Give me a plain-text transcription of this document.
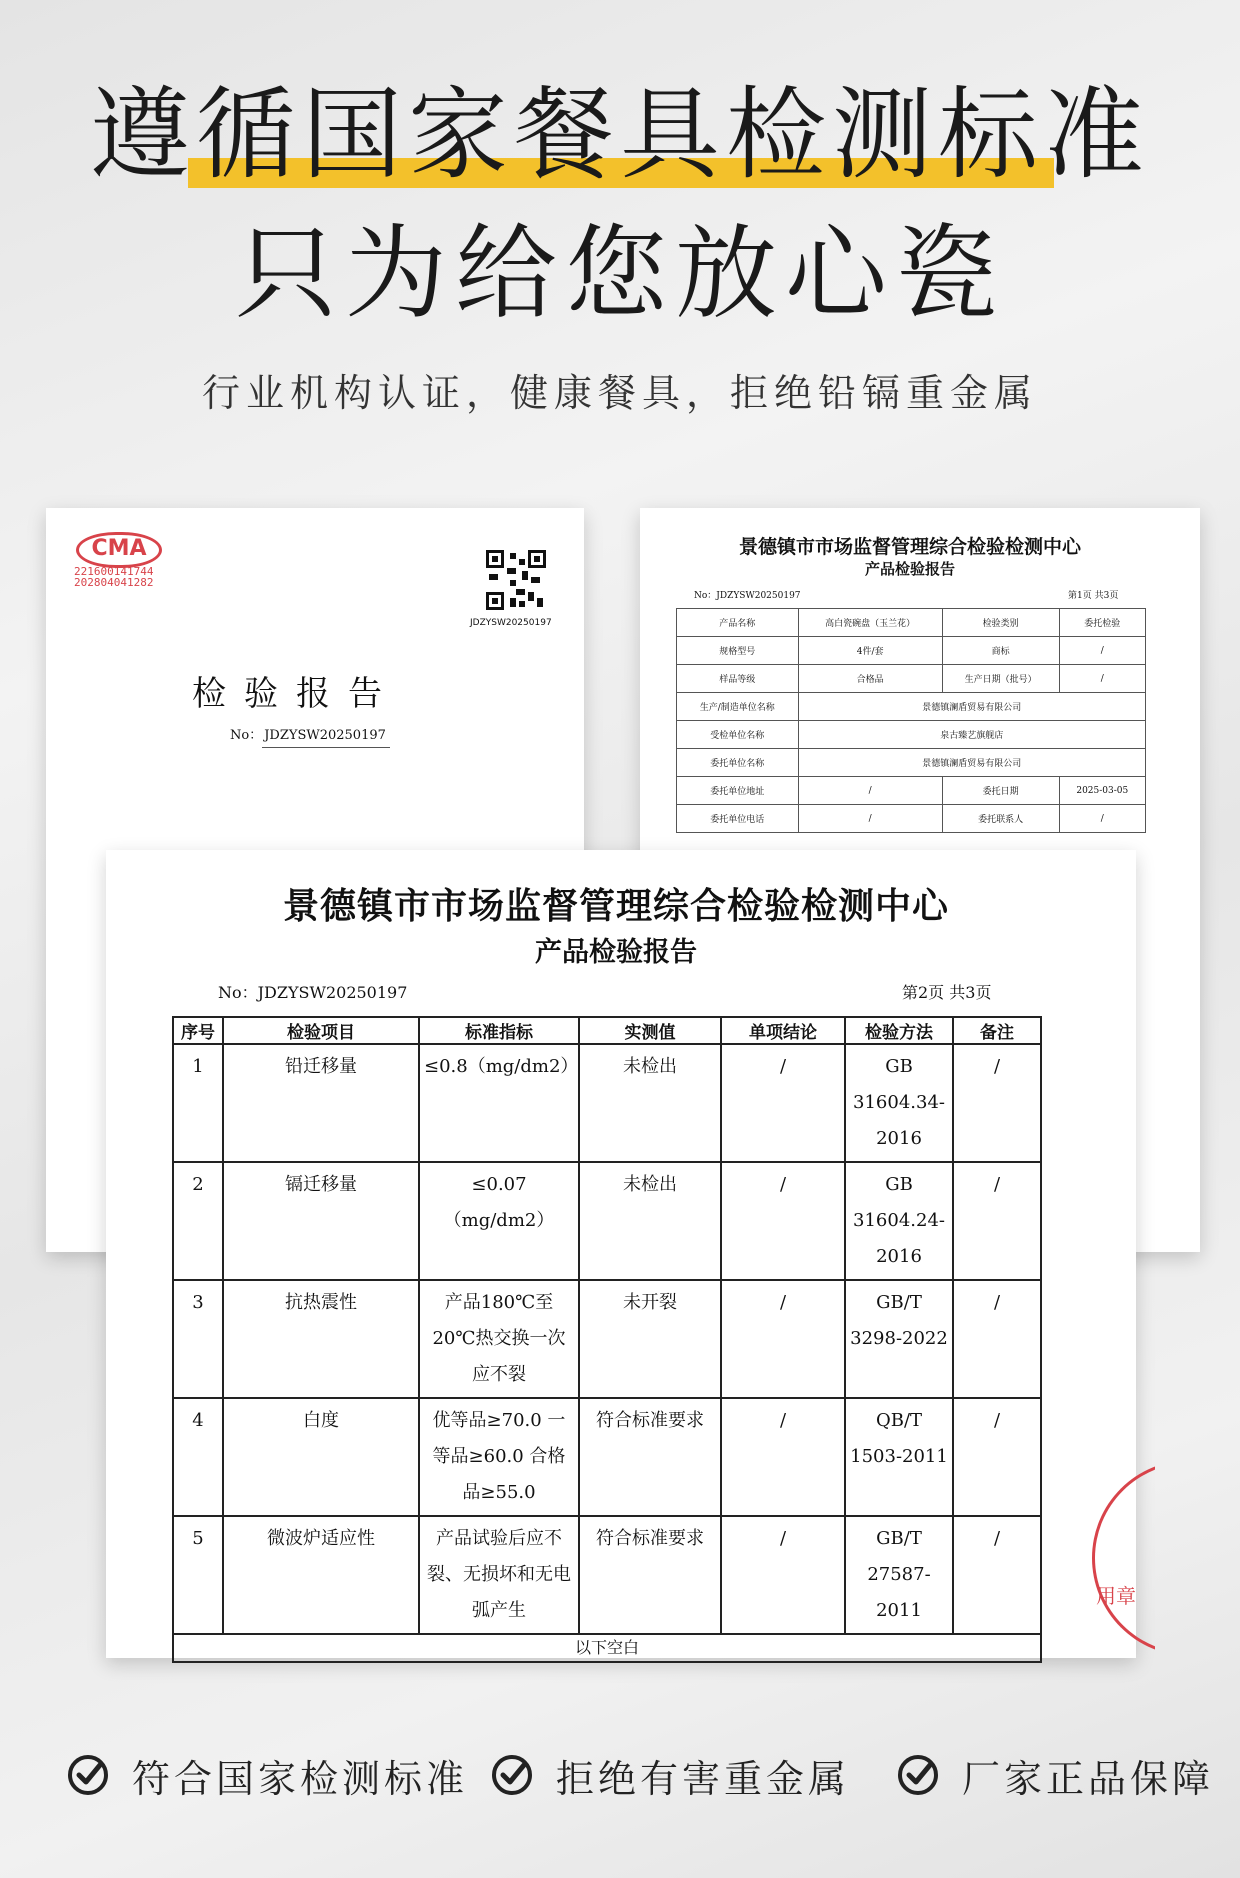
遵循国家餐具检测标准
只为给您放心瓷
行业机构认证，健康餐具，拒绝铅镉重金属
CMA
221600141744
202804041282
JDZYSW20250197
检验报告
No： JDZYSW20250197
景德镇市市场监督管理综合检验检测中心
产品检验报告
No：JDZYSW20250197	第1页 共3页
产品名称	高白瓷碗盘（玉兰花）	检验类别	委托检验
规格型号	4件/套	商标	/
样品等级	合格品	生产日期（批号）	/
生产/制造单位名称	景德镇澜盾贸易有限公司		
受检单位名称	泉古臻艺旗舰店		
委托单位名称	景德镇澜盾贸易有限公司		
委托单位地址	/	委托日期	2025-03-05
委托单位电话	/	委托联系人	/
景德镇市市场监督管理综合检验检测中心
产品检验报告
No：JDZYSW20250197	第2页 共3页
序号	检验项目	标准指标	实测值	单项结论	检验方法	备注
1	铅迁移量	≤0.8（mg/dm2）	未检出	/	GB 31604.34-2016	/
2	镉迁移量	≤0.07（mg/dm2）	未检出	/	GB 31604.24-2016	/
3	抗热震性	产品180℃至20℃热交换一次应不裂	未开裂	/	GB/T 3298-2022	/
4	白度	优等品≥70.0 一等品≥60.0 合格品≥55.0	符合标准要求	/	QB/T 1503-2011	/
5	微波炉适应性	产品试验后应不裂、无损坏和无电弧产生	符合标准要求	/	GB/T 27587-2011	/
以下空白						
用章
符合国家检测标准 拒绝有害重金属	厂家正品保障
